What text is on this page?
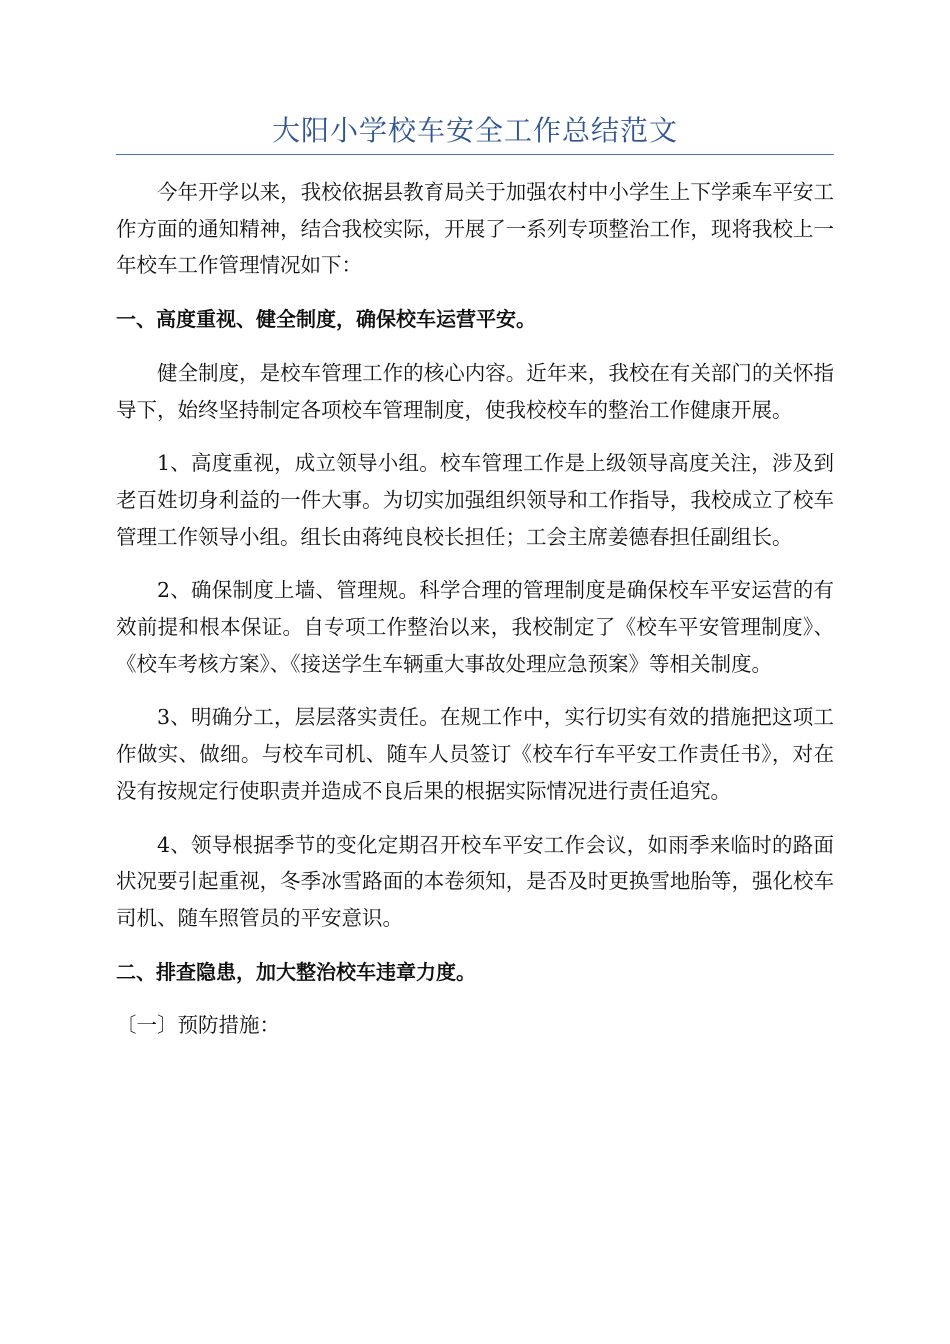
大阳小学校车安全工作总结范文

今年开学以来，我校依据县教育局关于加强农村中小学生上下学乘车平安工作方面的通知精神，结合我校实际，开展了一系列专项整治工作，现将我校上一年校车工作管理情况如下：

一、高度重视、健全制度，确保校车运营平安。

健全制度，是校车管理工作的核心内容。近年来，我校在有关部门的关怀指导下，始终坚持制定各项校车管理制度，使我校校车的整治工作健康开展。

1、高度重视，成立领导小组。校车管理工作是上级领导高度关注，涉及到老百姓切身利益的一件大事。为切实加强组织领导和工作指导，我校成立了校车管理工作领导小组。组长由蒋纯良校长担任；工会主席姜德春担任副组长。

2、确保制度上墙、管理规。科学合理的管理制度是确保校车平安运营的有效前提和根本保证。自专项工作整治以来，我校制定了《校车平安管理制度》、《校车考核方案》、《接送学生车辆重大事故处理应急预案》等相关制度。

3、明确分工，层层落实责任。在规工作中，实行切实有效的措施把这项工作做实、做细。与校车司机、随车人员签订《校车行车平安工作责任书》，对在没有按规定行使职责并造成不良后果的根据实际情况进行责任追究。

4、领导根据季节的变化定期召开校车平安工作会议，如雨季来临时的路面状况要引起重视，冬季冰雪路面的本卷须知，是否及时更换雪地胎等，强化校车司机、随车照管员的平安意识。

二、排查隐患，加大整治校车违章力度。

〔一〕预防措施：
